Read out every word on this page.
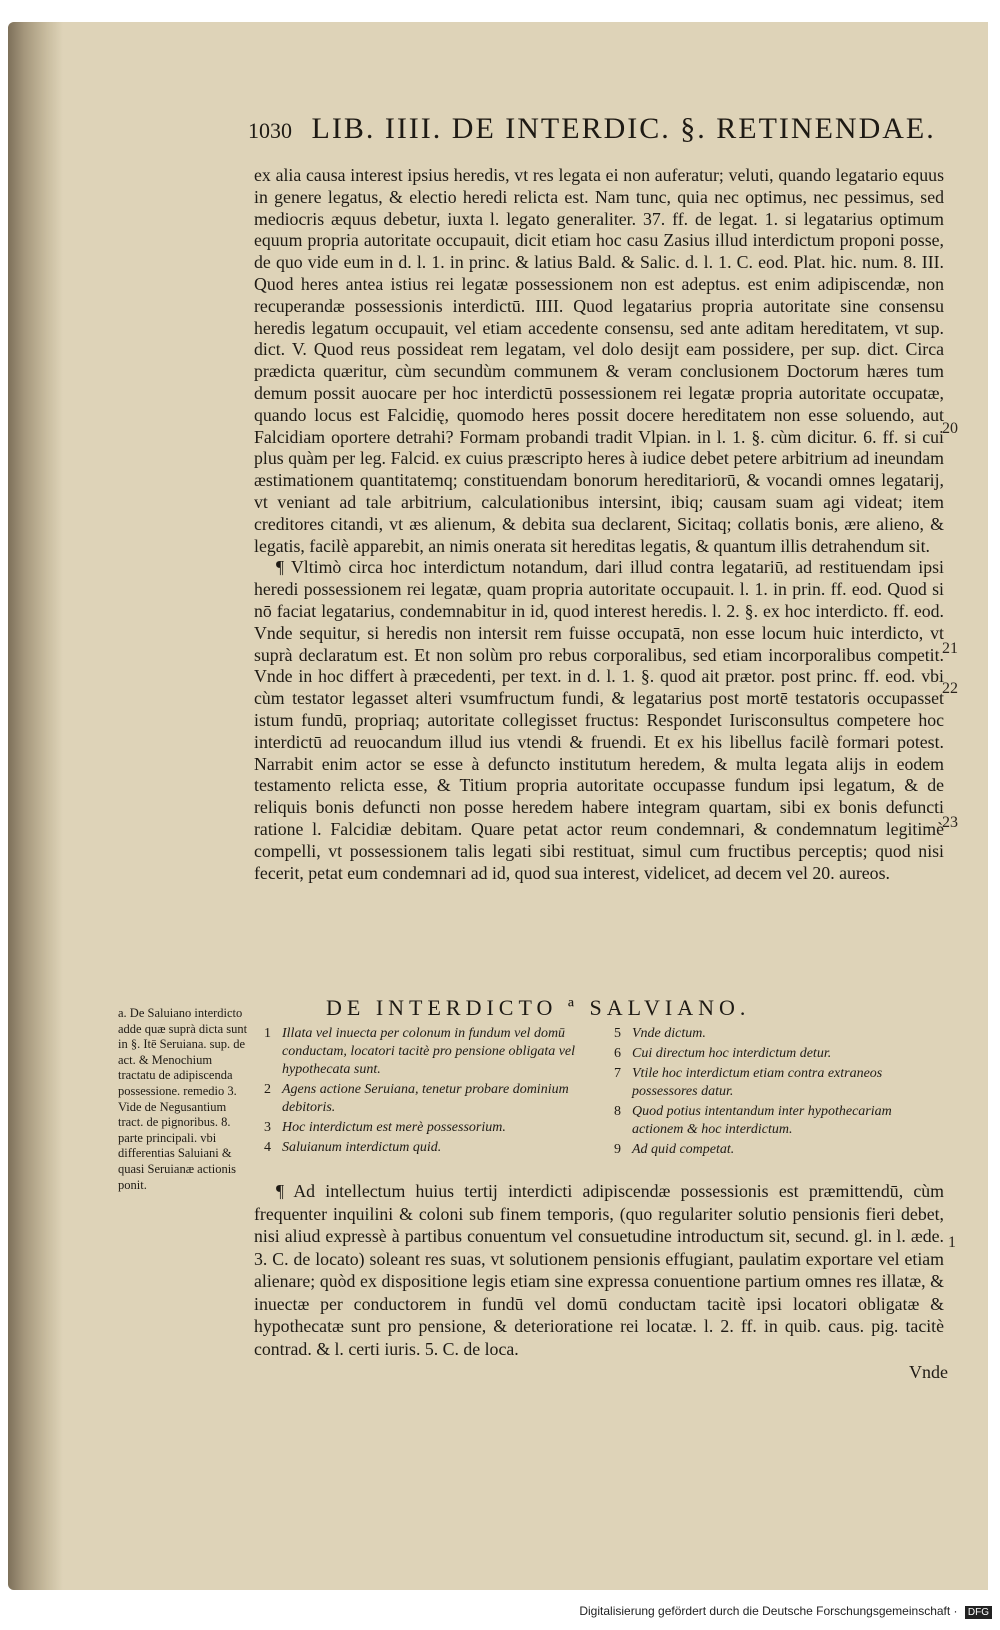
1030 LIB. IIII. DE INTERDIC. §. RETINENDAE.

ex alia causa interest ipsius heredis, vt res legata ei non auferatur; veluti, quando legatario equus in genere legatus, & electio heredi relicta est. Nam tunc, quia nec optimus, nec pessimus, sed mediocris æquus debetur, iuxta l. legato generaliter. 37. ff. de legat. 1. si legatarius optimum equum propria autoritate occupauit, dicit etiam hoc casu Zasius illud interdictum proponi posse, de quo vide eum in d. l. 1. in princ. & latius Bald. & Salic. d. l. 1. C. eod. Plat. hic. num. 8. III. Quod heres antea istius rei legatæ possessionem non est adeptus. est enim adipiscendæ, non recuperandæ possessionis interdictū. IIII. Quod legatarius propria autoritate sine consensu heredis legatum occupauit, vel etiam accedente consensu, sed ante aditam hereditatem, vt sup. dict. V. Quod reus possideat rem legatam, vel dolo desijt eam possidere, per sup. dict. Circa prædicta quæritur, cùm secundùm communem & veram conclusionem Doctorum hæres tum demum possit auocare per hoc interdictū possessionem rei legatæ propria autoritate occupatæ, quando locus est Falcidię, quomodo heres possit docere hereditatem non esse soluendo, aut Falcidiam oportere detrahi? Formam probandi tradit Vlpian. in l. 1. §. cùm dicitur. 6. ff. si cui plus quàm per leg. Falcid. ex cuius præscripto heres à iudice debet petere arbitrium ad ineundam æstimationem quantitatemq; constituendam bonorum hereditariorū, & vocandi omnes legatarij, vt veniant ad tale arbitrium, calculationibus intersint, ibiq; causam suam agi videat; item creditores citandi, vt æs alienum, & debita sua declarent, Sicitaq; collatis bonis, ære alieno, & legatis, facilè apparebit, an nimis onerata sit hereditas legatis, & quantum illis detrahendum sit.

¶ Vltimò circa hoc interdictum notandum, dari illud contra legatariū, ad restituendam ipsi heredi possessionem rei legatæ, quam propria autoritate occupauit. l. 1. in prin. ff. eod. Quod si nō faciat legatarius, condemnabitur in id, quod interest heredis. l. 2. §. ex hoc interdicto. ff. eod. Vnde sequitur, si heredis non intersit rem fuisse occupatā, non esse locum huic interdicto, vt suprà declaratum est. Et non solùm pro rebus corporalibus, sed etiam incorporalibus competit. Vnde in hoc differt à præcedenti, per text. in d. l. 1. §. quod ait prætor. post princ. ff. eod. vbi cùm testator legasset alteri vsumfructum fundi, & legatarius post mortē testatoris occupasset istum fundū, propriaq; autoritate collegisset fructus: Respondet Iurisconsultus competere hoc interdictū ad reuocandum illud ius vtendi & fruendi. Et ex his libellus facilè formari potest. Narrabit enim actor se esse à defuncto institutum heredem, & multa legata alijs in eodem testamento relicta esse, & Titium propria autoritate occupasse fundum ipsi legatum, & de reliquis bonis defuncti non posse heredem habere integram quartam, sibi ex bonis defuncti ratione l. Falcidiæ debitam. Quare petat actor reum condemnari, & condemnatum legitimè compelli, vt possessionem talis legati sibi restituat, simul cum fructibus perceptis; quod nisi fecerit, petat eum condemnari ad id, quod sua interest, videlicet, ad decem vel 20. aureos.

20
21
22
23
1
a. De Saluiano interdicto adde quæ suprà dicta sunt in §. Itē Seruiana. sup. de act. & Menochium tractatu de adipiscenda possessione. remedio 3. Vide de Negusantium tract. de pignoribus. 8. parte principali. vbi differentias Saluiani & quasi Seruianæ actionis ponit.
DE INTERDICTO ª SALVIANO.
1 Illata vel inuecta per colonum in fundum vel domū conductam, locatori tacitè pro pensione obligata vel hypothecata sunt.
2 Agens actione Seruiana, tenetur probare dominium debitoris.
3 Hoc interdictum est merè possessorium.
4 Saluianum interdictum quid.
5 Vnde dictum.
6 Cui directum hoc interdictum detur.
7 Vtile hoc interdictum etiam contra extraneos possessores datur.
8 Quod potius intentandum inter hypothecariam actionem & hoc interdictum.
9 Ad quid competat.
¶ Ad intellectum huius tertij interdicti adipiscendæ possessionis est præmittendū, cùm frequenter inquilini & coloni sub finem temporis, (quo regulariter solutio pensionis fieri debet, nisi aliud expressè à partibus conuentum vel consuetudine introductum sit, secund. gl. in l. æde. 3. C. de locato) soleant res suas, vt solutionem pensionis effugiant, paulatim exportare vel etiam alienare; quòd ex dispositione legis etiam sine expressa conuentione partium omnes res illatæ, & inuectæ per conductorem in fundū vel domū conductam tacitè ipsi locatori obligatæ & hypothecatæ sunt pro pensione, & deterioratione rei locatæ. l. 2. ff. in quib. caus. pig. tacitè contrad. & l. certi iuris. 5. C. de loca.
Vnde
Digitalisierung gefördert durch die Deutsche Forschungsgemeinschaft · DFG
